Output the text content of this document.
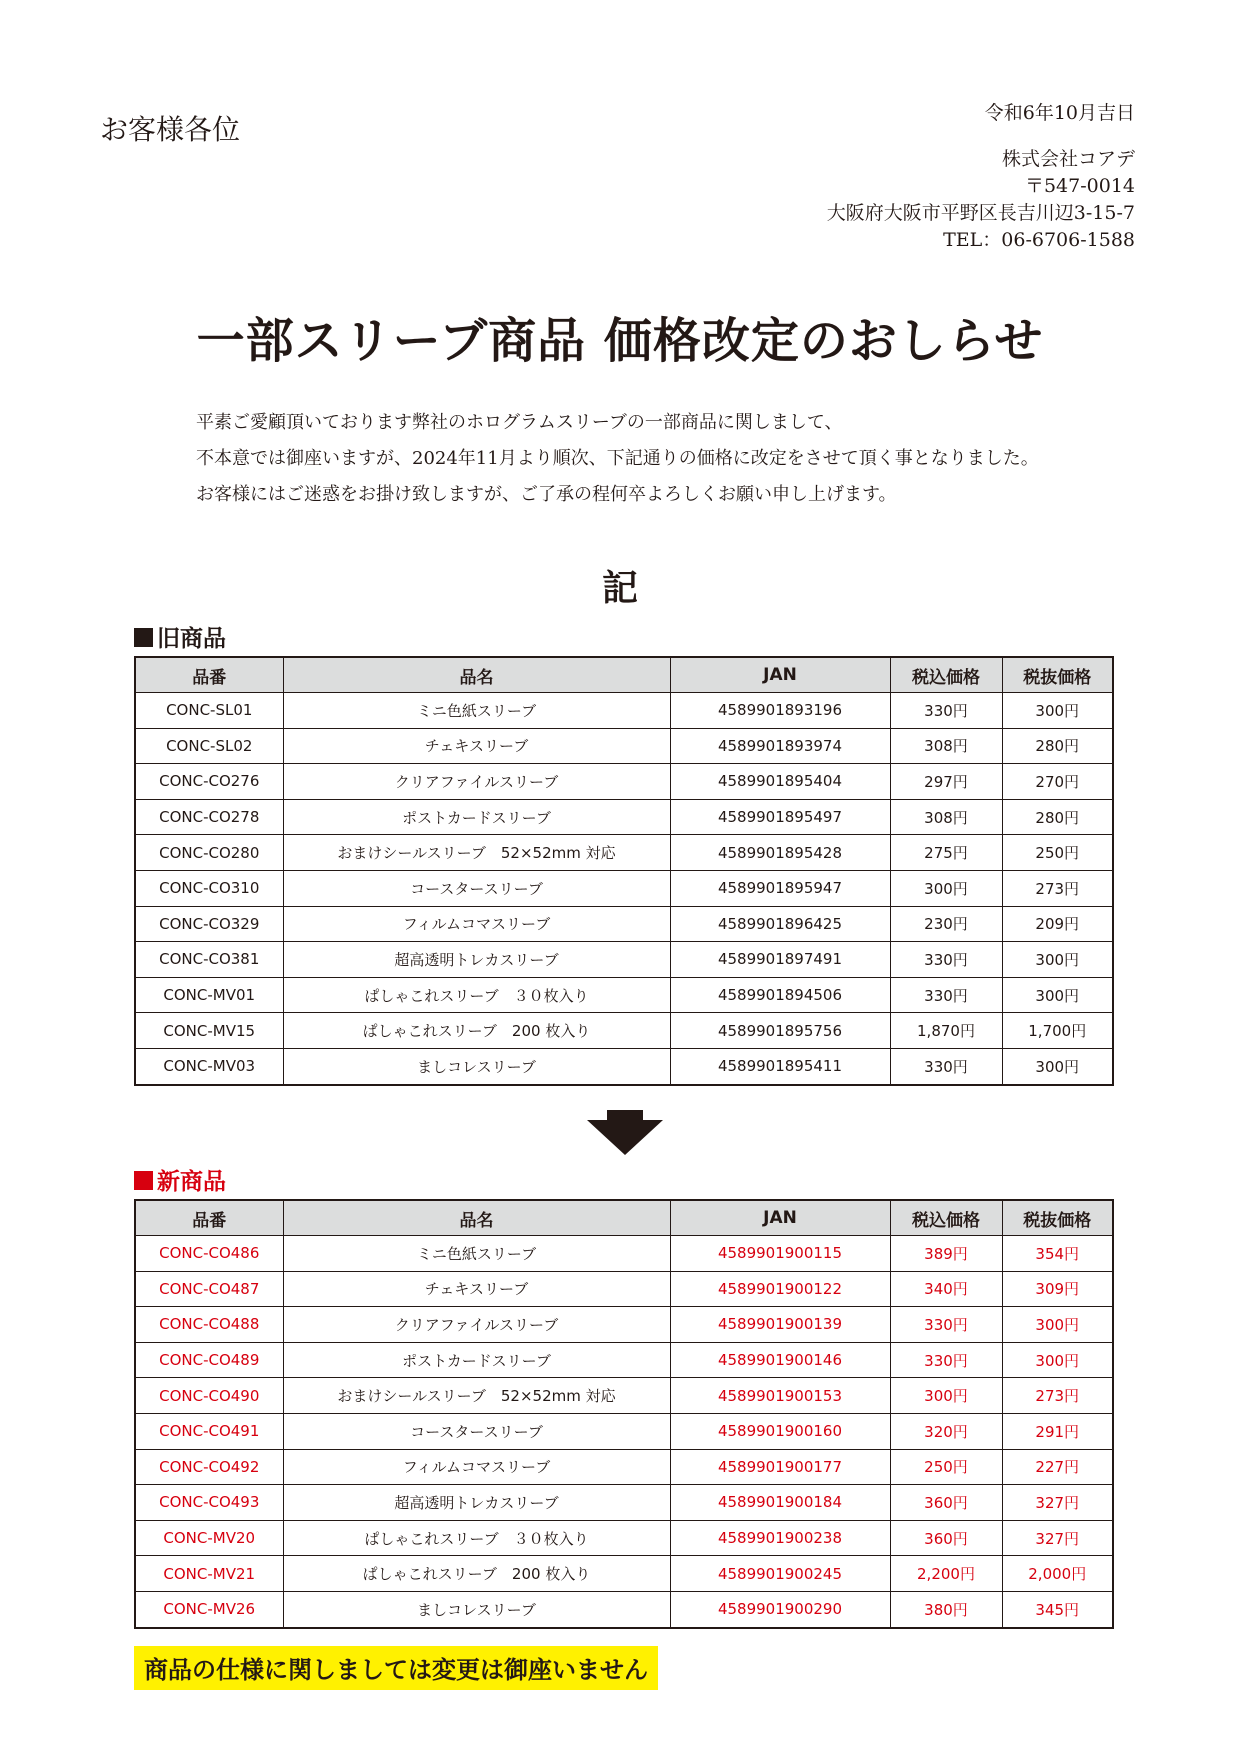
お客様各位	令和6年10月吉日
株式会社コアデ
〒547-0014
大阪府大阪市平野区長吉川辺3-15-7
TEL：06-6706-1588
一部スリーブ商品 価格改定のおしらせ
平素ご愛顧頂いております弊社のホログラムスリーブの一部商品に関しまして、
不本意では御座いますが、2024年11月より順次、下記通りの価格に改定をさせて頂く事となりました。
お客様にはご迷惑をお掛け致しますが、ご了承の程何卒よろしくお願い申し上げます。
記
旧商品
品番	品名	JAN	税込価格	税抜価格
CONC-SL01	ミニ色紙スリーブ	4589901893196	330円	300円
CONC-SL02	チェキスリーブ	4589901893974	308円	280円
CONC-CO276	クリアファイルスリーブ	4589901895404	297円	270円
CONC-CO278	ポストカードスリーブ	4589901895497	308円	280円
CONC-CO280	おまけシールスリーブ　52×52mm 対応	4589901895428	275円	250円
CONC-CO310	コースタースリーブ	4589901895947	300円	273円
CONC-CO329	フィルムコマスリーブ	4589901896425	230円	209円
CONC-CO381	超高透明トレカスリーブ	4589901897491	330円	300円
CONC-MV01	ぱしゃこれスリーブ　３０枚入り	4589901894506	330円	300円
CONC-MV15	ぱしゃこれスリーブ　200 枚入り	4589901895756	1,870円	1,700円
CONC-MV03	ましコレスリーブ	4589901895411	330円	300円
新商品
品番	品名	JAN	税込価格	税抜価格
CONC-CO486	ミニ色紙スリーブ	4589901900115	389円	354円
CONC-CO487	チェキスリーブ	4589901900122	340円	309円
CONC-CO488	クリアファイルスリーブ	4589901900139	330円	300円
CONC-CO489	ポストカードスリーブ	4589901900146	330円	300円
CONC-CO490	おまけシールスリーブ　52×52mm 対応	4589901900153	300円	273円
CONC-CO491	コースタースリーブ	4589901900160	320円	291円
CONC-CO492	フィルムコマスリーブ	4589901900177	250円	227円
CONC-CO493	超高透明トレカスリーブ	4589901900184	360円	327円
CONC-MV20	ぱしゃこれスリーブ　３０枚入り	4589901900238	360円	327円
CONC-MV21	ぱしゃこれスリーブ　200 枚入り	4589901900245	2,200円	2,000円
CONC-MV26	ましコレスリーブ	4589901900290	380円	345円
商品の仕様に関しましては変更は御座いません
